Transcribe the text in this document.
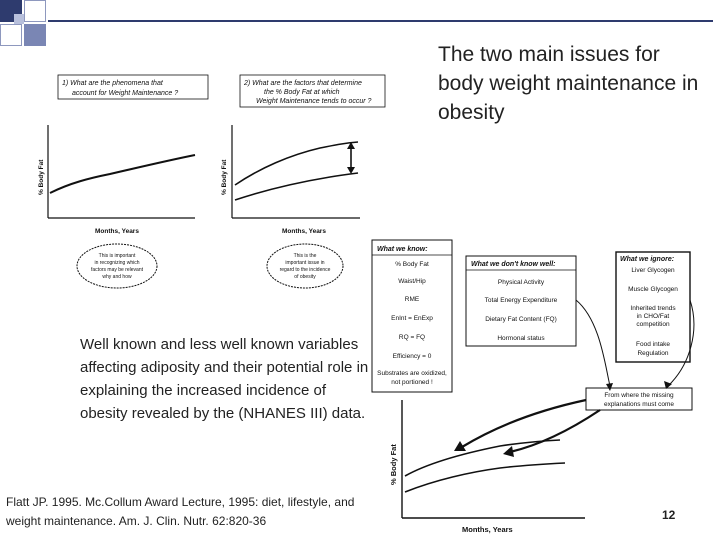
1) What are the phenomena that
account for Weight Maintenance ?
2) What are the factors that determine
the % Body Fat at which
Weight Maintenance tends to occur ?
% Body Fat
Months, Years
% Body Fat
Months, Years
This is important
in recognizing which
factors may be relevant
why and how
This is the
important issue in
regard to the incidence
of obesity
What we know:
% Body Fat
Waist/Hip
RME
EnInt = EnExp
RQ = FQ
Efficiency = 0
Substrates are oxidized,
not portioned !
What we don't know well:
Physical Activity
Total Energy Expenditure
Dietary Fat Content (FQ)
Hormonal status
What we ignore:
Liver Glycogen
Muscle Glycogen
Inherited trends
in CHO/Fat
competition
Food intake
Regulation
From where the missing
explanations must come
% Body Fat
Months, Years
The two main issues for body weight maintenance in obesity
Well known and less well known variables affecting adiposity and their potential role in explaining the increased incidence of obesity revealed by the (NHANES III) data.
Flatt JP. 1995. Mc.Collum Award Lecture, 1995: diet, lifestyle, and weight maintenance. Am. J. Clin. Nutr. 62:820-36	12
